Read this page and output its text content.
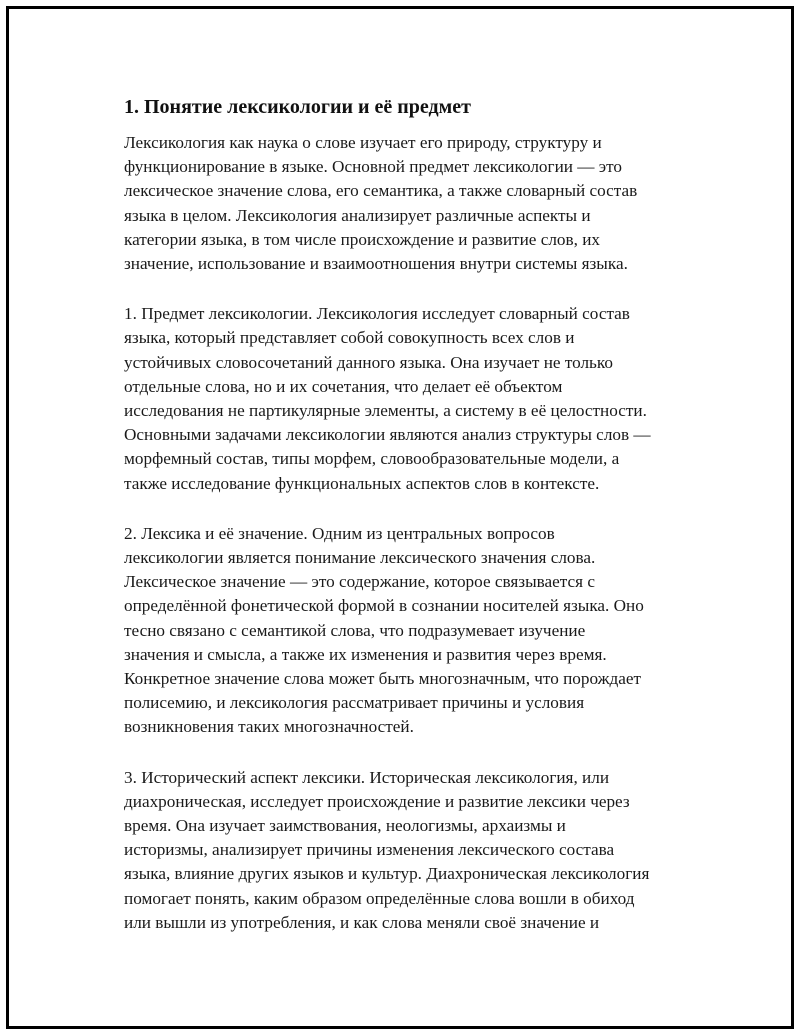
1. Понятие лексикологии и её предмет
Лексикология как наука о слове изучает его природу, структуру и
функционирование в языке. Основной предмет лексикологии — это
лексическое значение слова, его семантика, а также словарный состав
языка в целом. Лексикология анализирует различные аспекты и
категории языка, в том числе происхождение и развитие слов, их
значение, использование и взаимоотношения внутри системы языка.
1. Предмет лексикологии. Лексикология исследует словарный состав
языка, который представляет собой совокупность всех слов и
устойчивых словосочетаний данного языка. Она изучает не только
отдельные слова, но и их сочетания, что делает её объектом
исследования не партикулярные элементы, а систему в её целостности.
Основными задачами лексикологии являются анализ структуры слов —
морфемный состав, типы морфем, словообразовательные модели, а
также исследование функциональных аспектов слов в контексте.
2. Лексика и её значение. Одним из центральных вопросов
лексикологии является понимание лексического значения слова.
Лексическое значение — это содержание, которое связывается с
определённой фонетической формой в сознании носителей языка. Оно
тесно связано с семантикой слова, что подразумевает изучение
значения и смысла, а также их изменения и развития через время.
Конкретное значение слова может быть многозначным, что порождает
полисемию, и лексикология рассматривает причины и условия
возникновения таких многозначностей.
3. Исторический аспект лексики. Историческая лексикология, или
диахроническая, исследует происхождение и развитие лексики через
время. Она изучает заимствования, неологизмы, архаизмы и
историзмы, анализирует причины изменения лексического состава
языка, влияние других языков и культур. Диахроническая лексикология
помогает понять, каким образом определённые слова вошли в обиход
или вышли из употребления, и как слова меняли своё значение и
